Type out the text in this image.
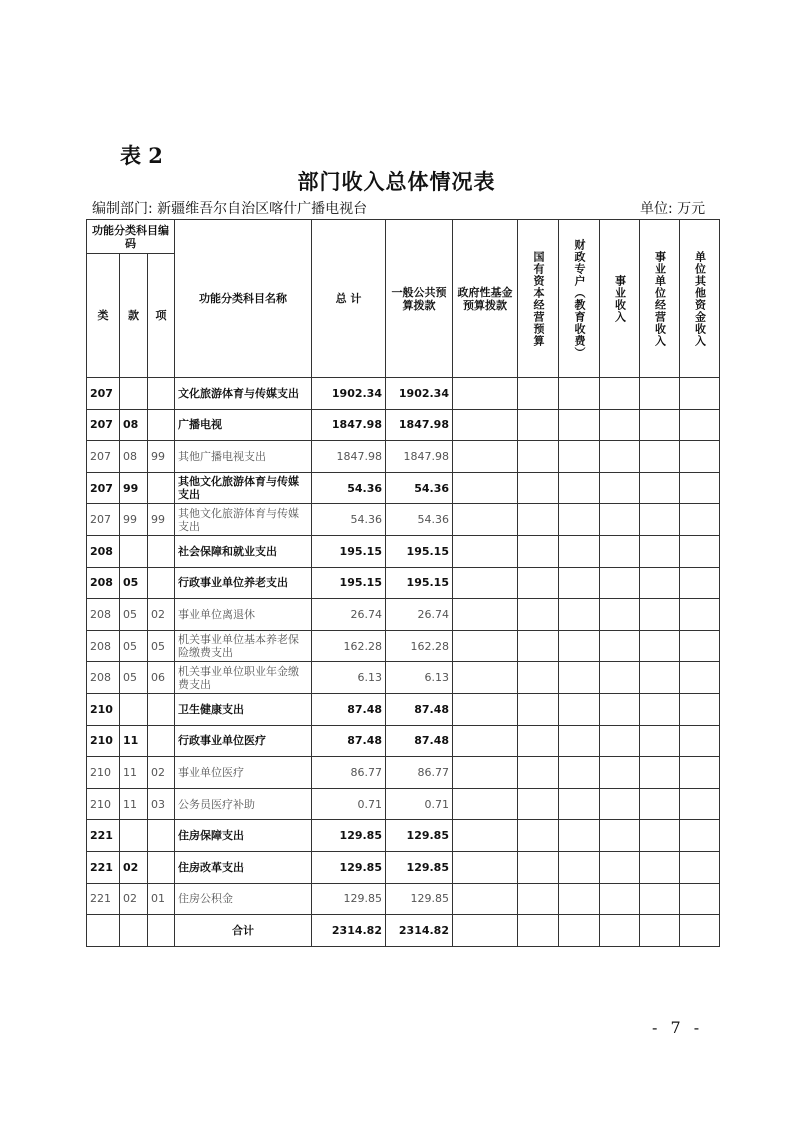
表 2
部门收入总体情况表
编制部门: 新疆维吾尔自治区喀什广播电视台	单位: 万元
功能分类科目编码			功能分类科目名称	总 计	一般公共预算拨款	政府性基金预算拨款	国有资本经营预算	财政专户（教育收费）	事业收入	事业单位经营收入	单位其他资金收入

类	款	项									
207			文化旅游体育与传媒支出	1902.34	1902.34						
207	08		广播电视	1847.98	1847.98						
207	08	99	其他广播电视支出	1847.98	1847.98						
207	99		其他文化旅游体育与传媒支出	54.36	54.36						
207	99	99	其他文化旅游体育与传媒支出	54.36	54.36						
208			社会保障和就业支出	195.15	195.15						
208	05		行政事业单位养老支出	195.15	195.15						
208	05	02	事业单位离退休	26.74	26.74						
208	05	05	机关事业单位基本养老保险缴费支出	162.28	162.28						
208	05	06	机关事业单位职业年金缴费支出	6.13	6.13						
210			卫生健康支出	87.48	87.48						
210	11		行政事业单位医疗	87.48	87.48						
210	11	02	事业单位医疗	86.77	86.77						
210	11	03	公务员医疗补助	0.71	0.71						
221			住房保障支出	129.85	129.85						
221	02		住房改革支出	129.85	129.85						
221	02	01	住房公积金	129.85	129.85						
			合计	2314.82	2314.82						
- 7 -
